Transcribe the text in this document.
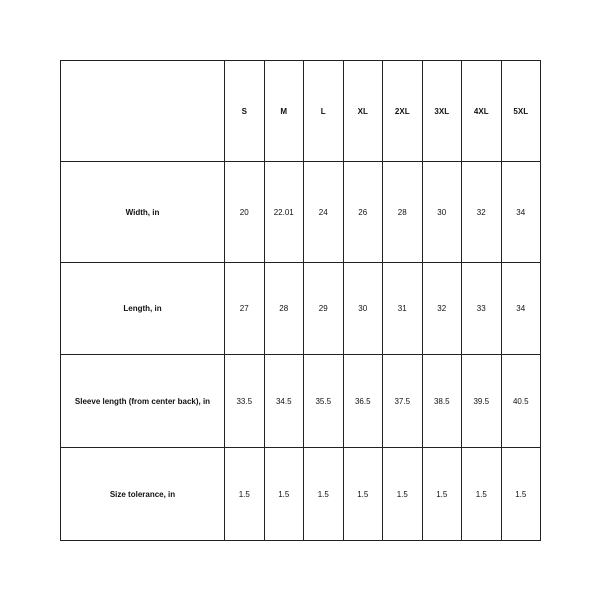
	S	M	L	XL	2XL	3XL	4XL	5XL
Width, in	20	22.01	24	26	28	30	32	34
Length, in	27	28	29	30	31	32	33	34
Sleeve length (from center back), in	33.5	34.5	35.5	36.5	37.5	38.5	39.5	40.5
Size tolerance, in	1.5	1.5	1.5	1.5	1.5	1.5	1.5	1.5
